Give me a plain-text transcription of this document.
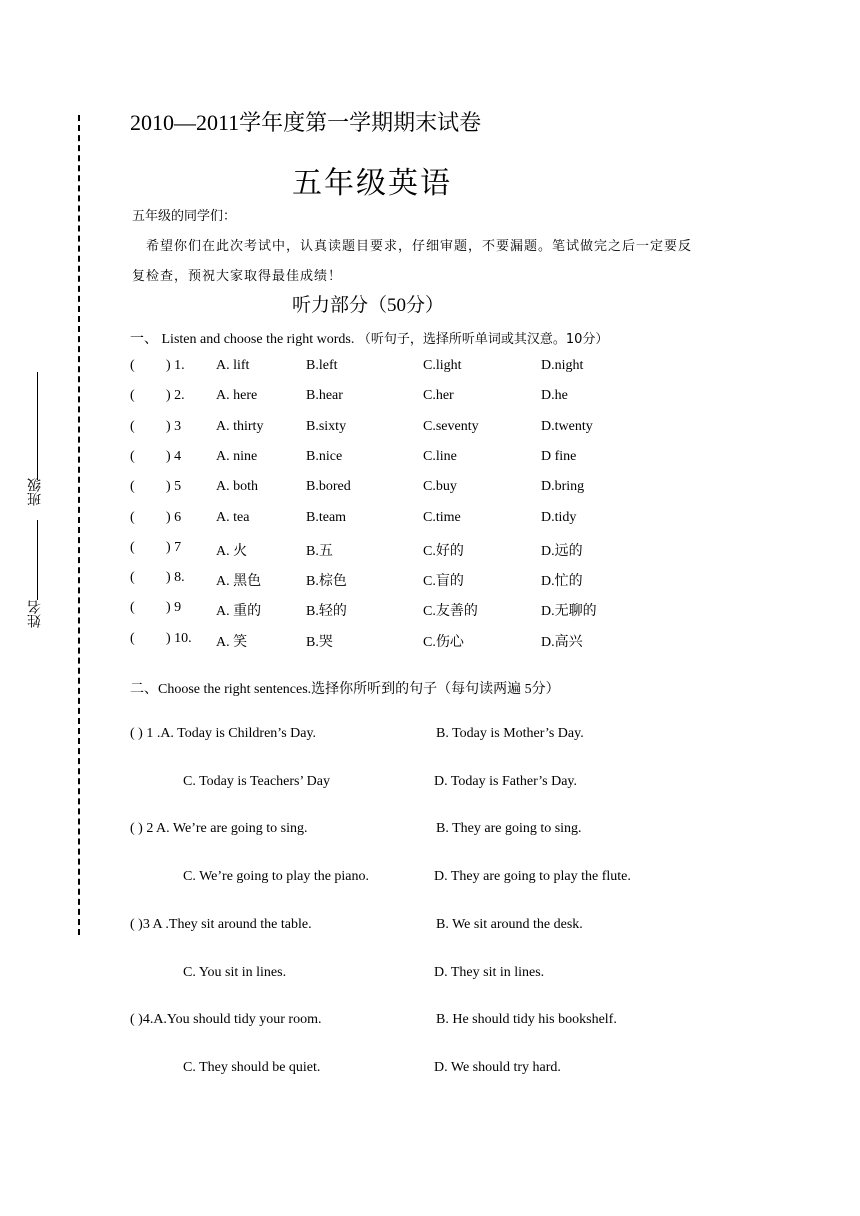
班级
姓名
2010—2011学年度第一学期期末试卷
五年级英语
五年级的同学们：
希望你们在此次考试中，认真读题目要求，仔细审题，不要漏题。笔试做完之后一定要反
复检查，预祝大家取得最佳成绩！
听力部分（50分）
一、 Listen and choose the right words. （听句子，选择所听单词或其汉意。10分）
( ) 1. A. lift	B.left	C.light	D.night
( ) 2. A. here	B.hear	C.her	D.he
( ) 3 A. thirty	B.sixty	C.seventy	D.twenty
( ) 4 A. nine	B.nice	C.line	D fine
( ) 5 A. both	B.bored	C.buy	D.bring
( ) 6 A. tea	B.team	C.time	D.tidy
( ) 7 A. 火	B.五	C.好的	D.远的
( ) 8. A. 黑色	B.棕色	C.盲的	D.忙的
( ) 9 A. 重的	B.轻的	C.友善的	D.无聊的
( ) 10. A. 笑	B.哭	C.伤心	D.高兴
二、Choose the right sentences.选择你所听到的句子（每句读两遍 5分）
( ) 1 .A. Today is Children’s Day.	B. Today is Mother’s Day.
C. Today is Teachers’ Day	D. Today is Father’s Day.
( ) 2 A. We’re are going to sing.	B. They are going to sing.
C. We’re going to play the piano.	D. They are going to play the flute.
( )3 A .They sit around the table.	B. We sit around the desk.
C. You sit in lines.	D. They sit in lines.
( )4.A.You should tidy your room.	B. He should tidy his bookshelf.
C. They should be quiet.	D. We should try hard.
